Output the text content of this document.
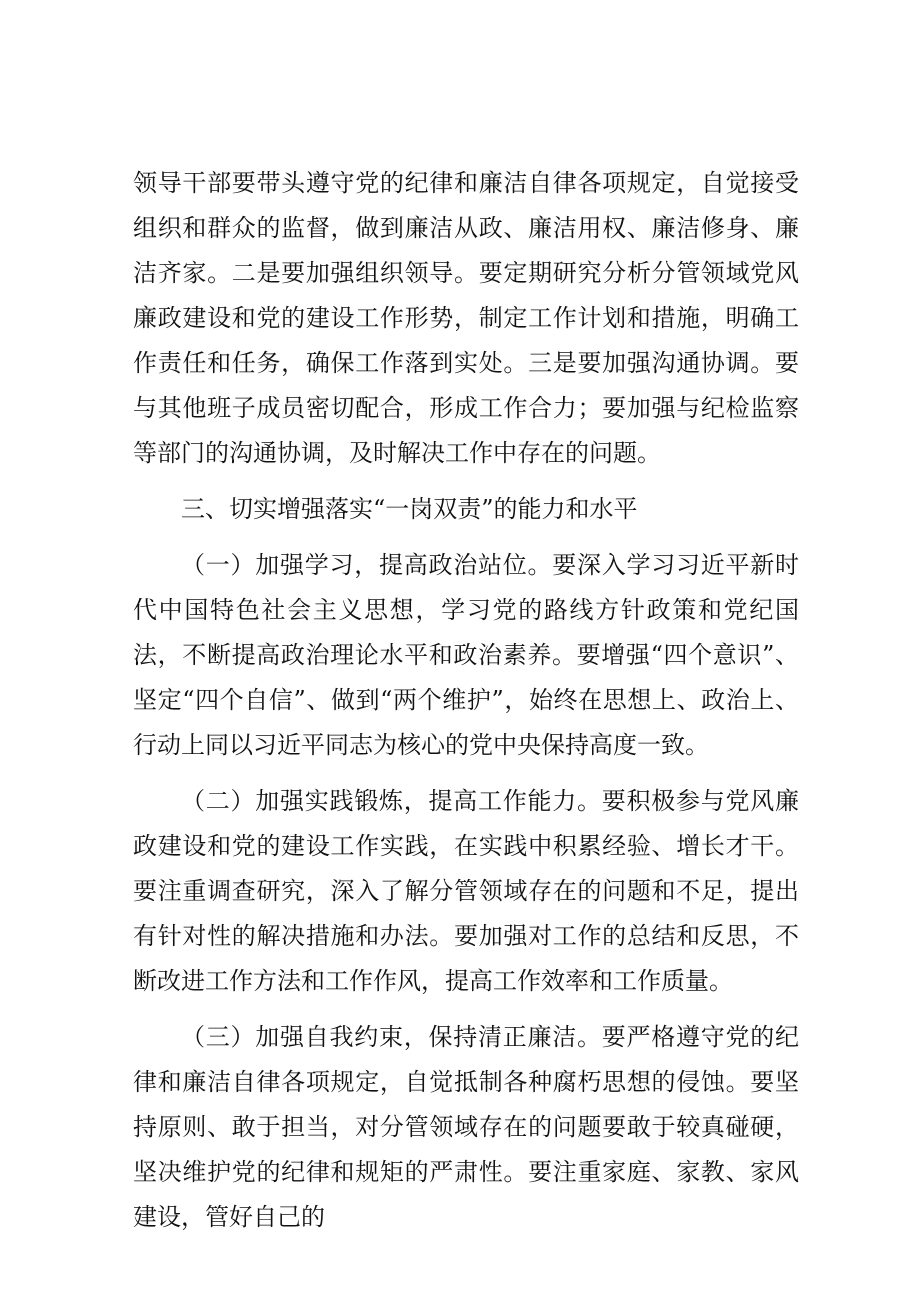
领导干部要带头遵守党的纪律和廉洁自律各项规定，自觉接受组织和群众的监督，做到廉洁从政、廉洁用权、廉洁修身、廉洁齐家。二是要加强组织领导。要定期研究分析分管领域党风廉政建设和党的建设工作形势，制定工作计划和措施，明确工作责任和任务，确保工作落到实处。三是要加强沟通协调。要与其他班子成员密切配合，形成工作合力；要加强与纪检监察等部门的沟通协调，及时解决工作中存在的问题。

三、切实增强落实“一岗双责”的能力和水平

（一）加强学习，提高政治站位。要深入学习习近平新时代中国特色社会主义思想，学习党的路线方针政策和党纪国法，不断提高政治理论水平和政治素养。要增强“四个意识”、坚定“四个自信”、做到“两个维护”，始终在思想上、政治上、行动上同以习近平同志为核心的党中央保持高度一致。

（二）加强实践锻炼，提高工作能力。要积极参与党风廉政建设和党的建设工作实践，在实践中积累经验、增长才干。要注重调查研究，深入了解分管领域存在的问题和不足，提出有针对性的解决措施和办法。要加强对工作的总结和反思，不断改进工作方法和工作作风，提高工作效率和工作质量。

（三）加强自我约束，保持清正廉洁。要严格遵守党的纪律和廉洁自律各项规定，自觉抵制各种腐朽思想的侵蚀。要坚持原则、敢于担当，对分管领域存在的问题要敢于较真碰硬，坚决维护党的纪律和规矩的严肃性。要注重家庭、家教、家风建设，管好自己的
